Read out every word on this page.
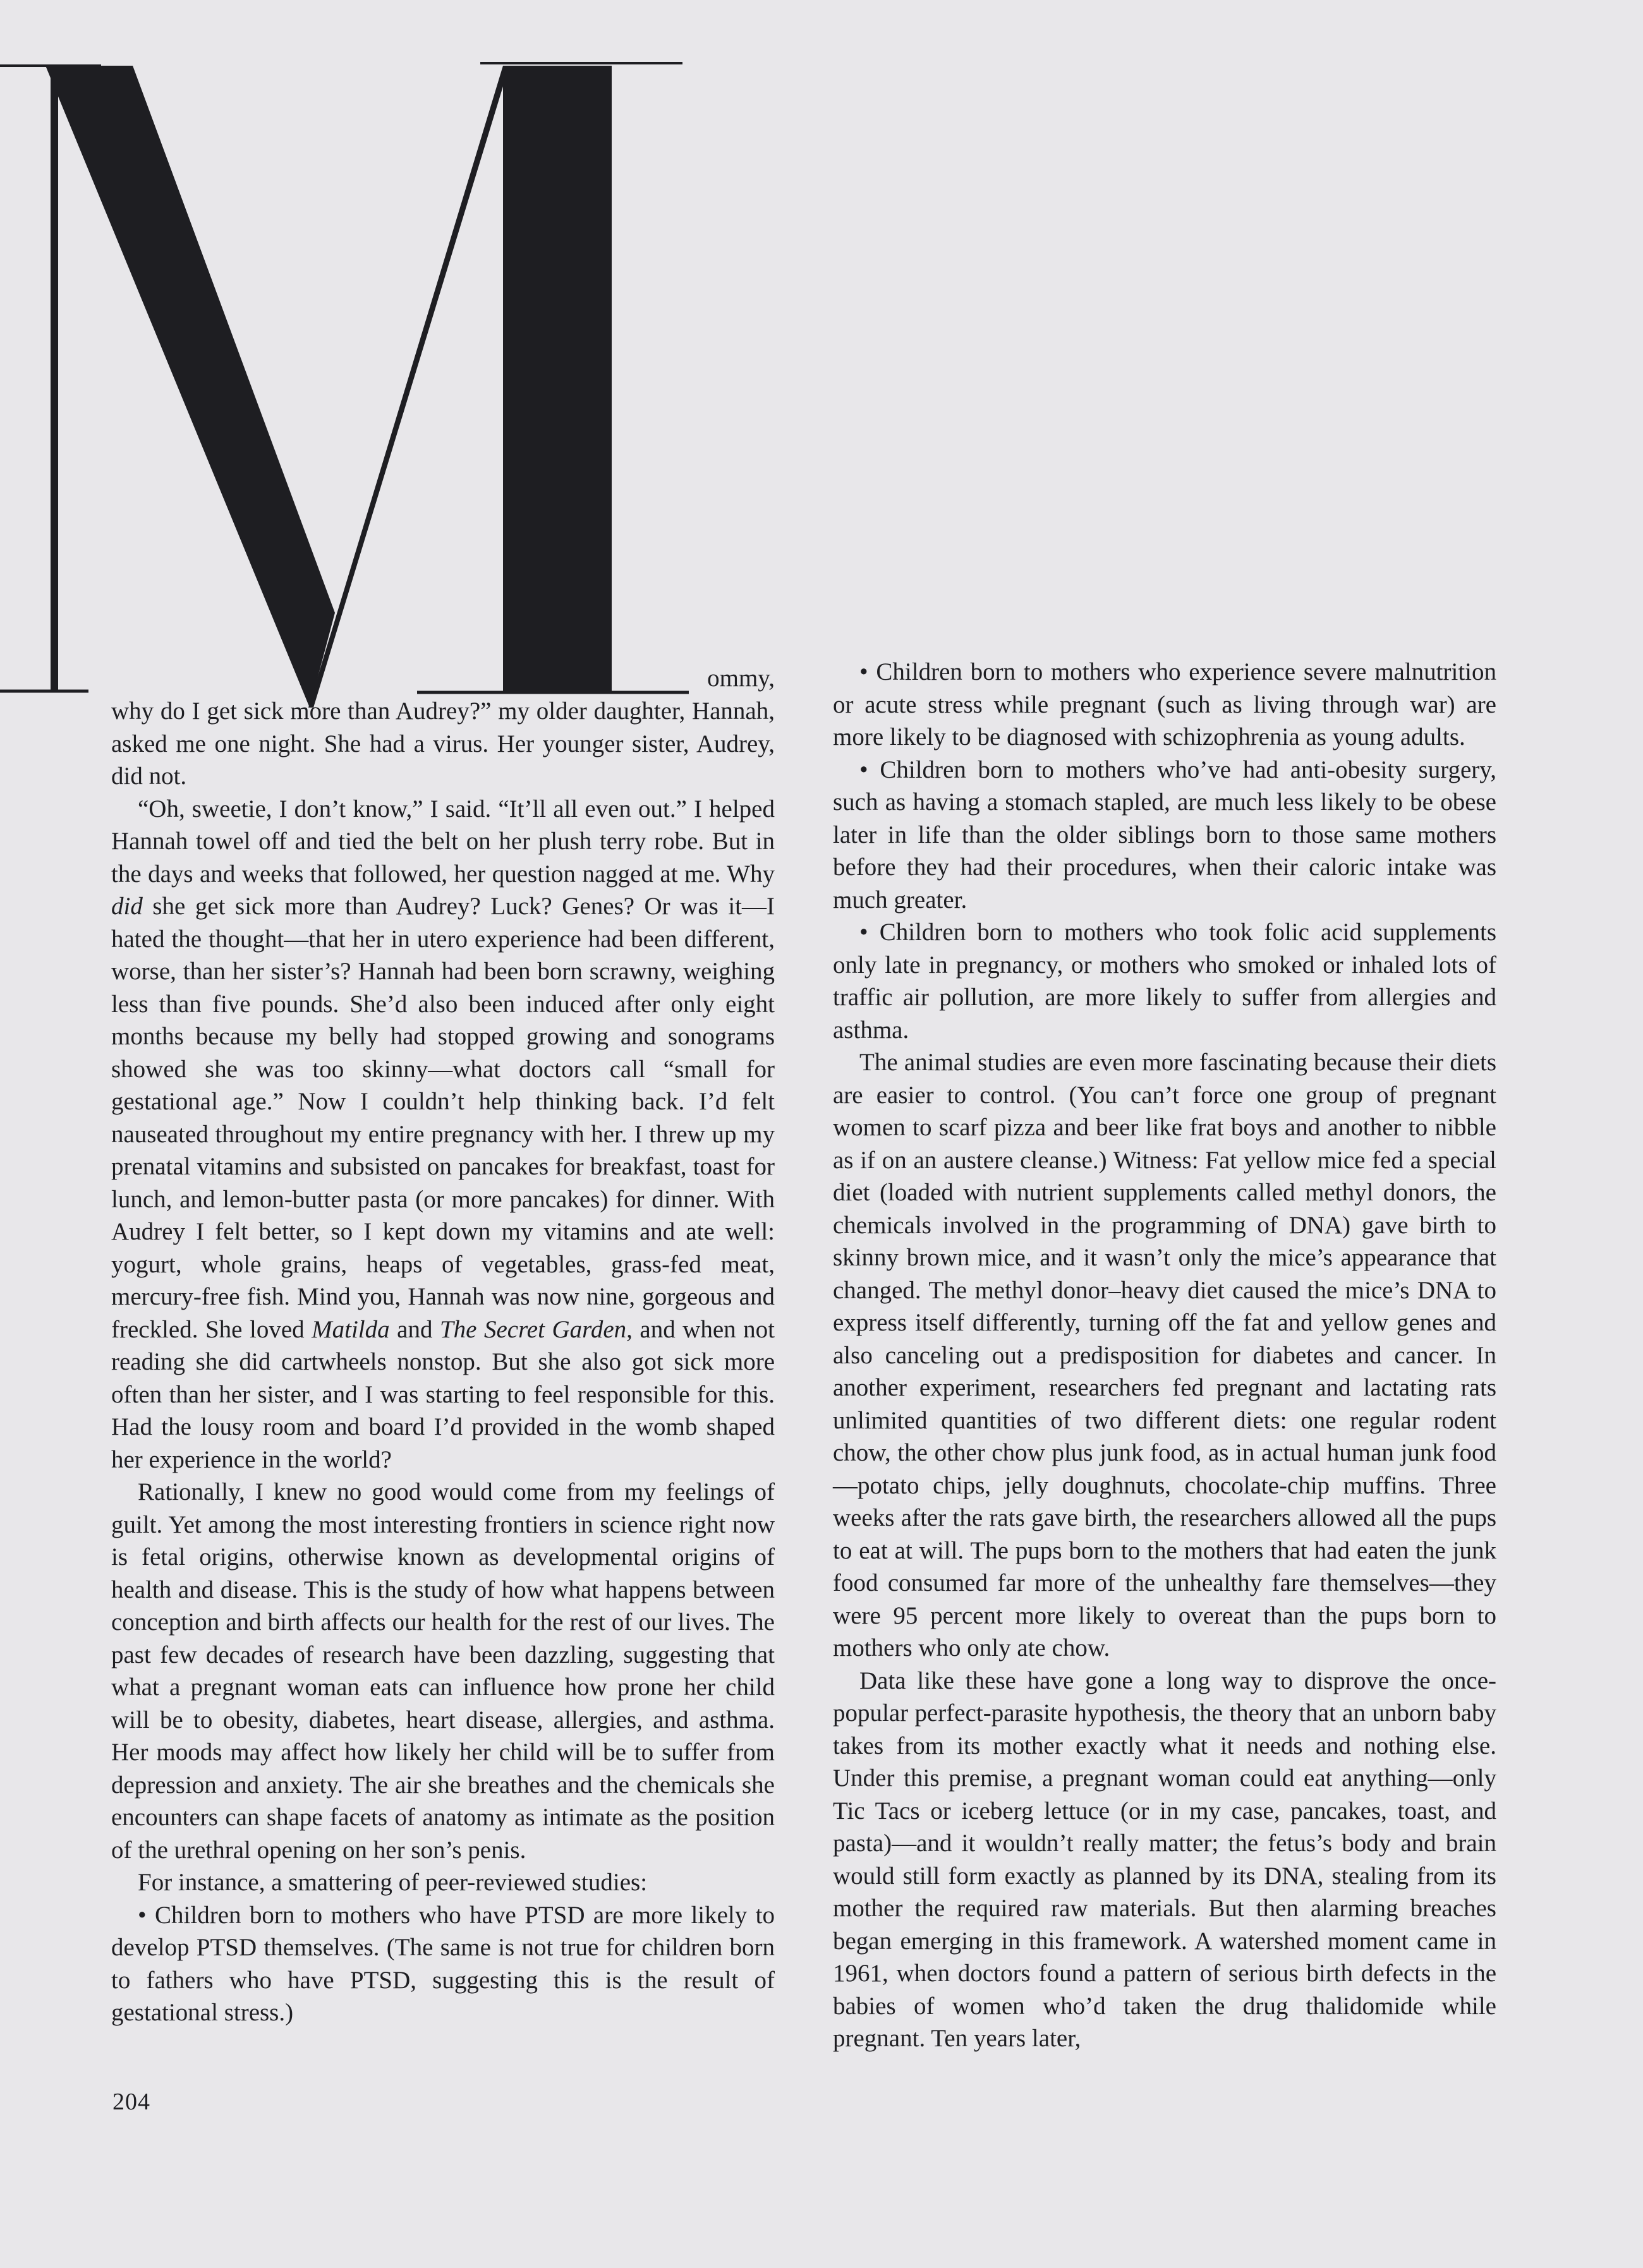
ommy,

why do I get sick more than Audrey?” my older daughter, Hannah, asked me one night. She had a virus. Her younger sister, Audrey, did not.

“Oh, sweetie, I don’t know,” I said. “It’ll all even out.” I helped Hannah towel off and tied the belt on her plush terry robe. But in the days and weeks that followed, her question nagged at me. Why did she get sick more than Audrey? Luck? Genes? Or was it—I hated the thought—that her in utero experience had been different, worse, than her sister’s? Hannah had been born scrawny, weighing less than five pounds. She’d also been induced after only eight months because my belly had stopped growing and sonograms showed she was too skinny—what doctors call “small for gestational age.” Now I couldn’t help thinking back. I’d felt nauseated throughout my entire pregnancy with her. I threw up my prenatal vitamins and subsisted on pancakes for breakfast, toast for lunch, and lemon-butter pasta (or more pancakes) for dinner. With Audrey I felt better, so I kept down my vitamins and ate well: yogurt, whole grains, heaps of vegetables, grass-fed meat, mercury-free fish. Mind you, Hannah was now nine, gorgeous and freckled. She loved Matilda and The Secret Garden, and when not reading she did cartwheels nonstop. But she also got sick more often than her sister, and I was starting to feel responsible for this. Had the lousy room and board I’d provided in the womb shaped her experience in the world?

Rationally, I knew no good would come from my feelings of guilt. Yet among the most interesting frontiers in science right now is fetal origins, otherwise known as developmental origins of health and disease. This is the study of how what happens between conception and birth affects our health for the rest of our lives. The past few decades of research have been dazzling, suggesting that what a pregnant woman eats can influence how prone her child will be to obesity, diabetes, heart disease, allergies, and asthma. Her moods may affect how likely her child will be to suffer from depression and anxiety. The air she breathes and the chemicals she encounters can shape facets of anatomy as intimate as the position of the urethral opening on her son’s penis.

For instance, a smattering of peer-reviewed studies:

• Children born to mothers who have PTSD are more likely to develop PTSD themselves. (The same is not true for children born to fathers who have PTSD, suggesting this is the result of gestational stress.)

• Children born to mothers who experience severe malnutrition or acute stress while pregnant (such as living through war) are more likely to be diagnosed with schizophrenia as young adults.

• Children born to mothers who’ve had anti-obesity surgery, such as having a stomach stapled, are much less likely to be obese later in life than the older siblings born to those same mothers before they had their procedures, when their caloric intake was much greater.

• Children born to mothers who took folic acid supplements only late in pregnancy, or mothers who smoked or inhaled lots of traffic air pollution, are more likely to suffer from allergies and asthma.

The animal studies are even more fascinating because their diets are easier to control. (You can’t force one group of pregnant women to scarf pizza and beer like frat boys and another to nibble as if on an austere cleanse.) Witness: Fat yellow mice fed a special diet (loaded with nutrient supplements called methyl donors, the chemicals involved in the programming of DNA) gave birth to skinny brown mice, and it wasn’t only the mice’s appearance that changed. The methyl donor–heavy diet caused the mice’s DNA to express itself differently, turning off the fat and yellow genes and also canceling out a predisposition for diabetes and cancer. In another experiment, researchers fed pregnant and lactating rats unlimited quantities of two different diets: one regular rodent chow, the other chow plus junk food, as in actual human junk food—potato chips, jelly doughnuts, chocolate-chip muffins. Three weeks after the rats gave birth, the researchers allowed all the pups to eat at will. The pups born to the mothers that had eaten the junk food consumed far more of the unhealthy fare themselves—they were 95 percent more likely to overeat than the pups born to mothers who only ate chow.

Data like these have gone a long way to disprove the once-popular perfect-parasite hypothesis, the theory that an unborn baby takes from its mother exactly what it needs and nothing else. Under this premise, a pregnant woman could eat anything—only Tic Tacs or iceberg lettuce (or in my case, pancakes, toast, and pasta)—and it wouldn’t really matter; the fetus’s body and brain would still form exactly as planned by its DNA, stealing from its mother the required raw materials. But then alarming breaches began emerging in this framework. A watershed moment came in 1961, when doctors found a pattern of serious birth defects in the babies of women who’d taken the drug thalidomide while pregnant. Ten years later,

204
